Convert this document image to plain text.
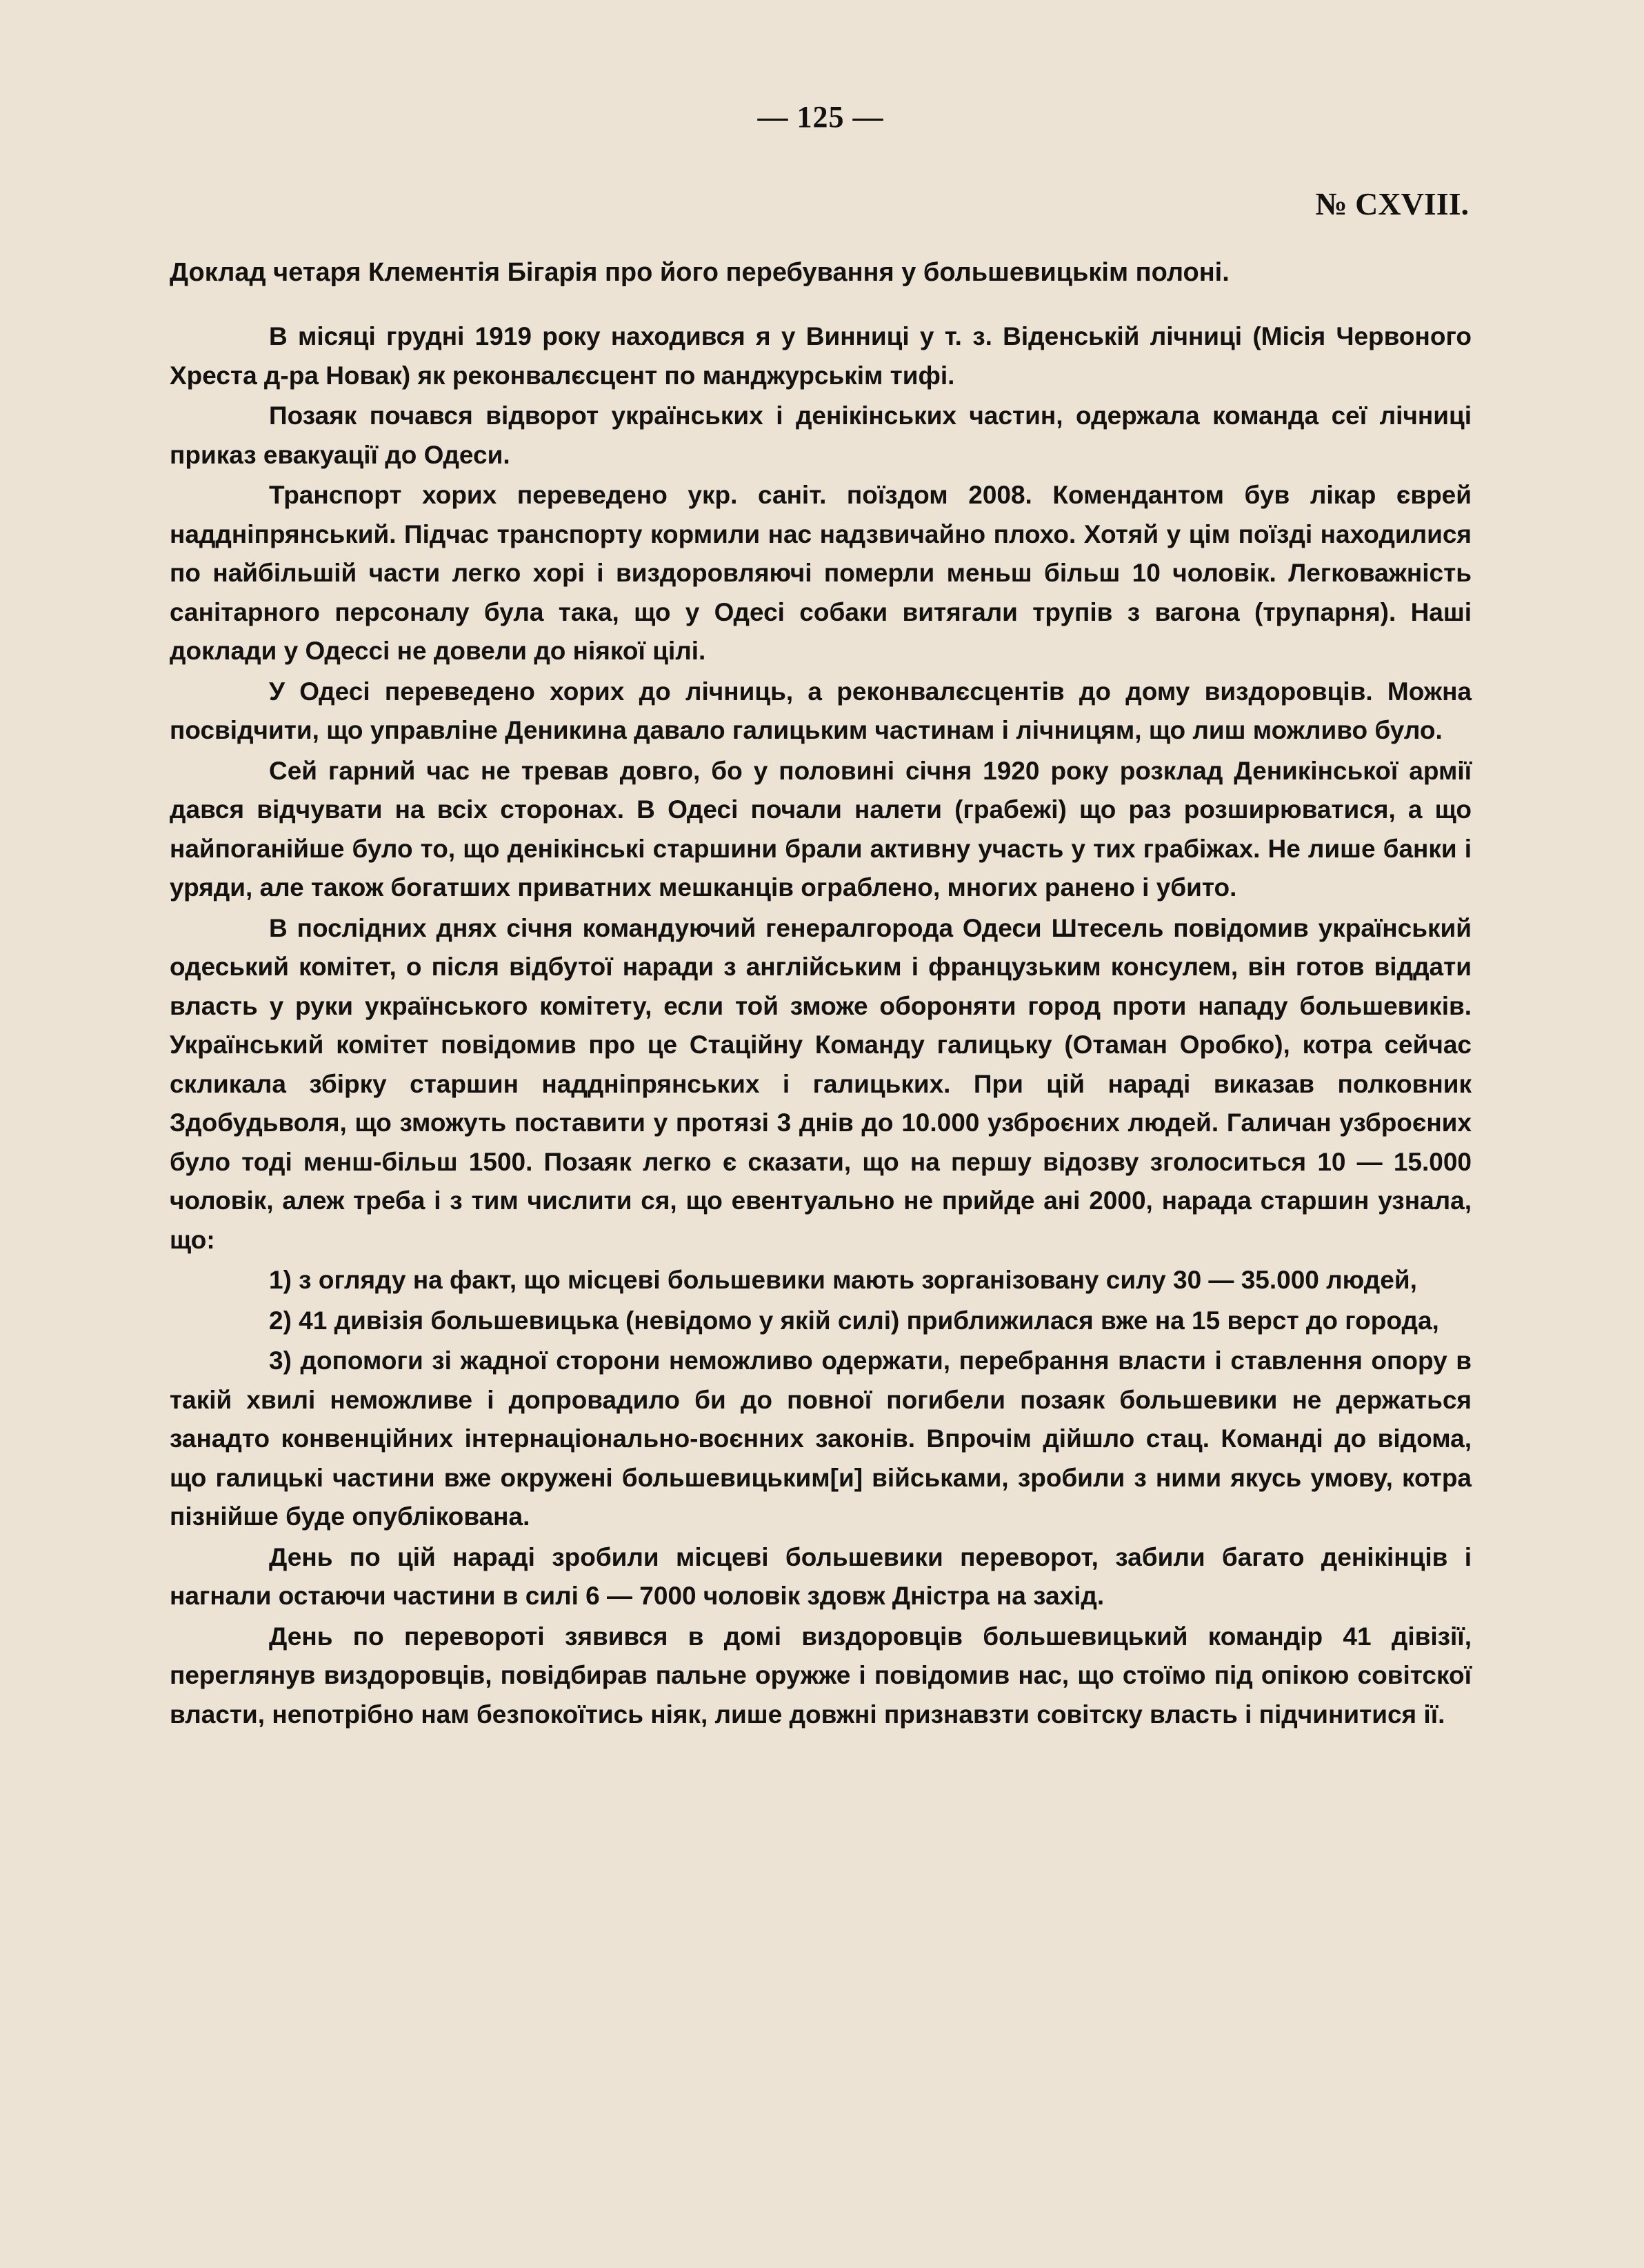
— 125 —
№ CXVIII.
Доклад четаря Клементія Бігарія про його перебування у большевицькім полоні.

В місяці грудні 1919 року находився я у Винниці у т. з. Віденській лічниці (Місія Червоного Хреста д-ра Новак) як реконвалєсцент по манджурськім тифі.

Позаяк почався відворот українських і денікінських частин, одержала команда сеї лічниці приказ евакуації до Одеси.

Транспорт хорих переведено укр. саніт. поїздом 2008. Комендантом був лікар єврей наддніпрянський. Підчас транспорту кормили нас надзвичайно плохо. Хотяй у цім поїзді находилися по найбільшій части легко хорі і виздоровляючі померли меньш більш 10 чоловік. Легковажність санітарного персоналу була така, що у Одесі собаки витягали трупів з вагона (трупарня). Наші доклади у Одессі не довели до ніякої цілі.

У Одесі переведено хорих до лічниць, а реконвалєсцентів до дому виздоровців. Можна посвідчити, що управліне Деникина давало галицьким частинам і лічницям, що лиш можливо було.

Сей гарний час не тревав довго, бо у половині січня 1920 року розклад Деникінської армії дався відчувати на всіх сторонах. В Одесі почали налети (грабежі) що раз розширюватися, а що найпоганійше було то, що денікінські старшини брали активну участь у тих грабіжах. Не лише банки і уряди, але також богатших приватних мешканців ограблено, многих ранено і убито.

В послідних днях січня командуючий генералгорода Одеси Штесель повідомив український одеський комітет, о після відбутої наради з англійським і французьким консулем, він готов віддати власть у руки українського комітету, если той зможе обороняти город проти нападу большевиків. Український комітет повідомив про це Стаційну Команду галицьку (Отаман Оробко), котра сейчас скликала збірку старшин наддніпрянських і галицьких. При цій нараді виказав полковник Здобудьволя, що зможуть поставити у протязі 3 днів до 10.000 узброєних людей. Галичан узброєних було тоді менш-більш 1500. Позаяк легко є сказати, що на першу відозву зголоситься 10 — 15.000 чоловік, алеж треба і з тим числити ся, що евентуально не прийде ані 2000, нарада старшин узнала, що:

1) з огляду на факт, що місцеві большевики мають зорганізовану силу 30 — 35.000 людей,

2) 41 дивізія большевицька (невідомо у якій силі) приближилася вже на 15 верст до города,

3) допомоги зі жадної сторони неможливо одержати, перебрання власти і ставлення опору в такій хвилі неможливе і допровадило би до повної погибели позаяк большевики не держаться занадто конвенційних інтернаціонально-воєнних законів. Впрочім дійшло стац. Команді до відома, що галицькі частини вже окружені большевицьким[и] військами, зробили з ними якусь умову, котра пізнійше буде опублікована.

День по цій нараді зробили місцеві большевики переворот, забили багато денікінців і нагнали остаючи частини в силі 6 — 7000 чоловік здовж Дністра на захід.

День по перевороті зявився в домі виздоровців большевицький командір 41 дівізії, переглянув виздоровців, повідбирав пальне оружже і повідомив нас, що стоїмо під опікою совітскої власти, непотрібно нам безпокоїтись ніяк, лише довжні признавзти совітску власть і підчинитися ії.
